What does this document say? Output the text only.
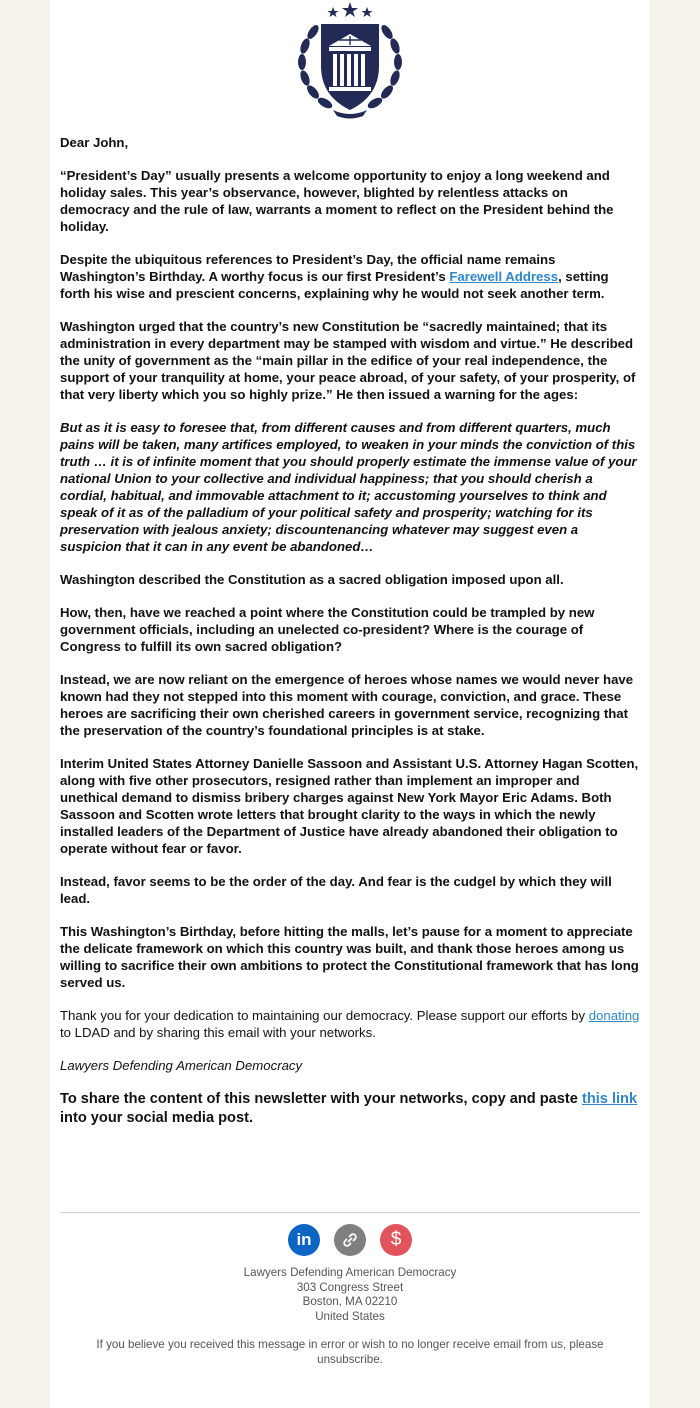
Dear John,

“President’s Day” usually presents a welcome opportunity to enjoy a long weekend and holiday sales. This year’s observance, however, blighted by relentless attacks on democracy and the rule of law, warrants a moment to reflect on the President behind the holiday.

Despite the ubiquitous references to President’s Day, the official name remains Washington’s Birthday. A worthy focus is our first President’s Farewell Address, setting forth his wise and prescient concerns, explaining why he would not seek another term.

Washington urged that the country’s new Constitution be “sacredly maintained; that its administration in every department may be stamped with wisdom and virtue.” He described the unity of government as the “main pillar in the edifice of your real independence, the support of your tranquility at home, your peace abroad, of your safety, of your prosperity, of that very liberty which you so highly prize.” He then issued a warning for the ages:

But as it is easy to foresee that, from different causes and from different quarters, much pains will be taken, many artifices employed, to weaken in your minds the conviction of this truth … it is of infinite moment that you should properly estimate the immense value of your national Union to your collective and individual happiness; that you should cherish a cordial, habitual, and immovable attachment to it; accustoming yourselves to think and speak of it as of the palladium of your political safety and prosperity; watching for its preservation with jealous anxiety; discountenancing whatever may suggest even a suspicion that it can in any event be abandoned…

Washington described the Constitution as a sacred obligation imposed upon all.

How, then, have we reached a point where the Constitution could be trampled by new government officials, including an unelected co-president? Where is the courage of Congress to fulfill its own sacred obligation?

Instead, we are now reliant on the emergence of heroes whose names we would never have known had they not stepped into this moment with courage, conviction, and grace. These heroes are sacrificing their own cherished careers in government service, recognizing that the preservation of the country’s foundational principles is at stake.

Interim United States Attorney Danielle Sassoon and Assistant U.S. Attorney Hagan Scotten, along with five other prosecutors, resigned rather than implement an improper and unethical demand to dismiss bribery charges against New York Mayor Eric Adams. Both Sassoon and Scotten wrote letters that brought clarity to the ways in which the newly installed leaders of the Department of Justice have already abandoned their obligation to operate without fear or favor.

Instead, favor seems to be the order of the day. And fear is the cudgel by which they will lead.

This Washington’s Birthday, before hitting the malls, let’s pause for a moment to appreciate the delicate framework on which this country was built, and thank those heroes among us willing to sacrifice their own ambitions to protect the Constitutional framework that has long served us.

Thank you for your dedication to maintaining our democracy. Please support our efforts by donating to LDAD and by sharing this email with your networks.

Lawyers Defending American Democracy

To share the content of this newsletter with your networks, copy and paste this link into your social media post.

in	$
Lawyers Defending American Democracy
303 Congress Street
Boston, MA 02210
United States
If you believe you received this message in error or wish to no longer receive email from us, please unsubscribe.
